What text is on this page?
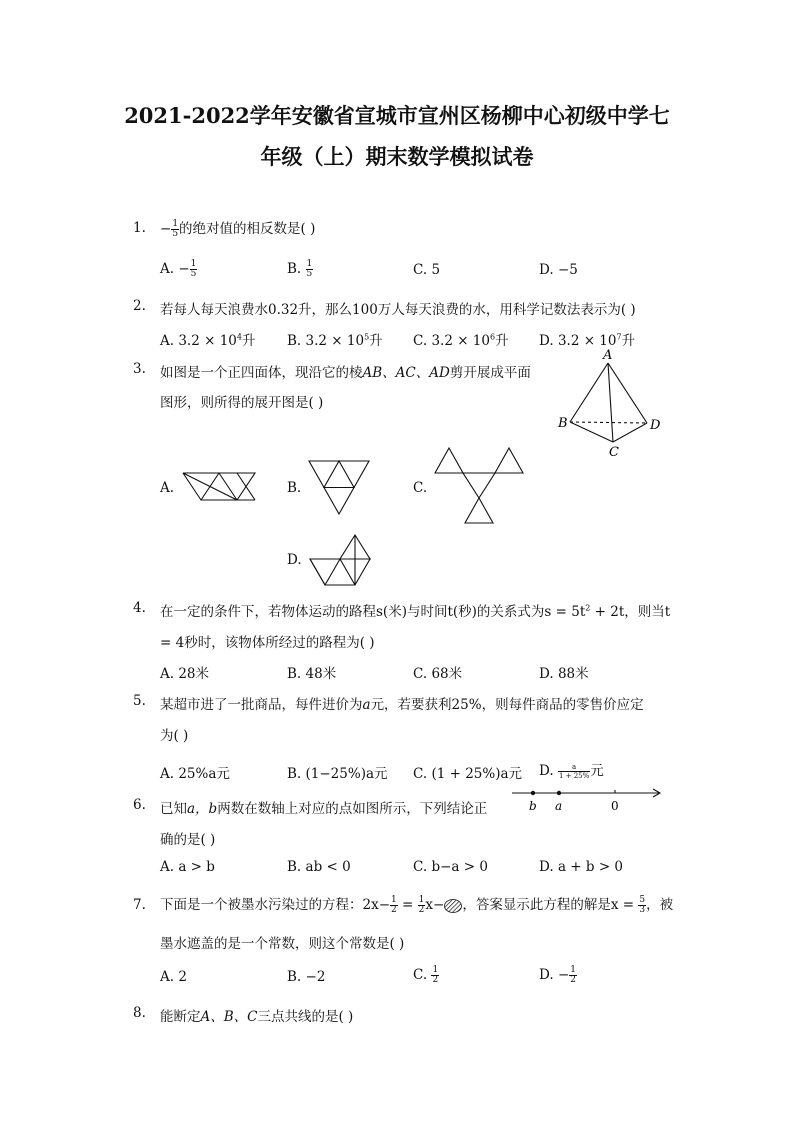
2021-2022学年安徽省宣城市宣州区杨柳中心初级中学七
年级（上）期末数学模拟试卷
1. − $\frac{1}{5}$ 的绝对值的相反数是( )
A. − $\frac{1}{5}$	B. $\frac{1}{5}$	C. 5	D. −5
2. 若每人每天浪费水0.32升，那么100万人每天浪费的水，用科学记数法表示为( )
A. $3.2 \times 10^4$升 B. $3.2 \times 10^5$升 C. $3.2 \times 10^6$升 D. $3.2 \times 10^7$升
3. 如图是一个正四面体，现沿它的棱AB、AC、AD剪开展成平面
图形，则所得的展开图是( )
A
B
C
D
A.	B.	C.
D.
4. 在一定的条件下，若物体运动的路程s(米)与时间t(秒)的关系式为$s = 5t^2 + 2t$，则当t
= 4秒时，该物体所经过的路程为( )
A. 28米	B. 48米	C. 68米	D. 88米
5. 某超市进了一批商品，每件进价为a元，若要获利25%，则每件商品的零售价应定
为( )
A. 25%a元	B. (1−25%)a元 C. (1 + 25%)a元 D. $\frac{a}{1 + 25\%}$ 元
6. 已知a，b两数在数轴上对应的点如图所示，下列结论正
确的是( )
b a	0
A. a > b	B. ab < 0	C. b−a > 0	D. a + b > 0
7. 下面是一个被墨水污染过的方程：$2x- \frac{1}{2} = \frac{1}{2} x-$ ，答案显示此方程的解是$x = \frac{5}{3}$ ，被
墨水遮盖的是一个常数，则这个常数是( )
A. 2	B. −2	C. $\frac{1}{2}$	D. − $\frac{1}{2}$
8. 能断定A、B、C三点共线的是( )
